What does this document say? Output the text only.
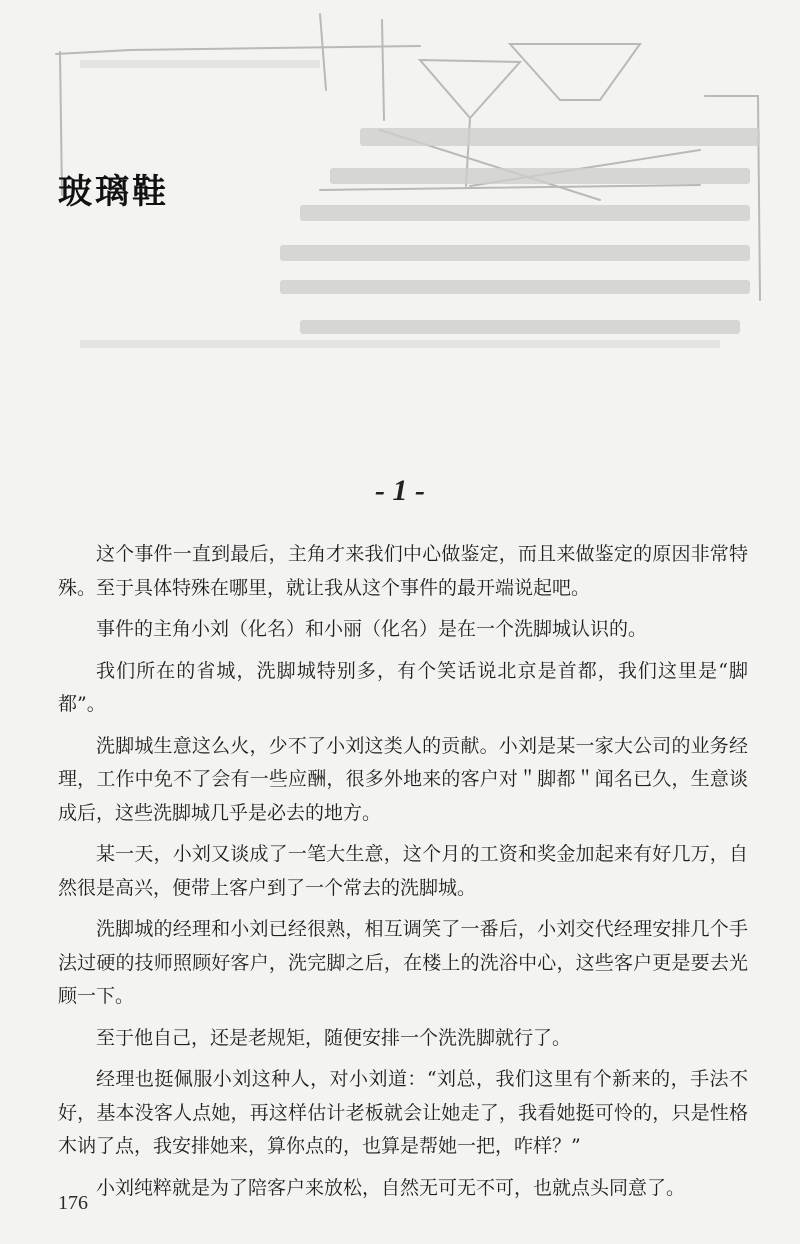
玻璃鞋
- 1 -

这个事件一直到最后，主角才来我们中心做鉴定，而且来做鉴定的原因非常特殊。至于具体特殊在哪里，就让我从这个事件的最开端说起吧。

事件的主角小刘（化名）和小丽（化名）是在一个洗脚城认识的。

我们所在的省城，洗脚城特别多，有个笑话说北京是首都，我们这里是“脚都”。

洗脚城生意这么火，少不了小刘这类人的贡献。小刘是某一家大公司的业务经理，工作中免不了会有一些应酬，很多外地来的客户对＂脚都＂闻名已久，生意谈成后，这些洗脚城几乎是必去的地方。

某一天，小刘又谈成了一笔大生意，这个月的工资和奖金加起来有好几万，自然很是高兴，便带上客户到了一个常去的洗脚城。

洗脚城的经理和小刘已经很熟，相互调笑了一番后，小刘交代经理安排几个手法过硬的技师照顾好客户，洗完脚之后，在楼上的洗浴中心，这些客户更是要去光顾一下。

至于他自己，还是老规矩，随便安排一个洗洗脚就行了。

经理也挺佩服小刘这种人，对小刘道：“刘总，我们这里有个新来的，手法不好，基本没客人点她，再这样估计老板就会让她走了，我看她挺可怜的，只是性格木讷了点，我安排她来，算你点的，也算是帮她一把，咋样？”

小刘纯粹就是为了陪客户来放松，自然无可无不可，也就点头同意了。

176
